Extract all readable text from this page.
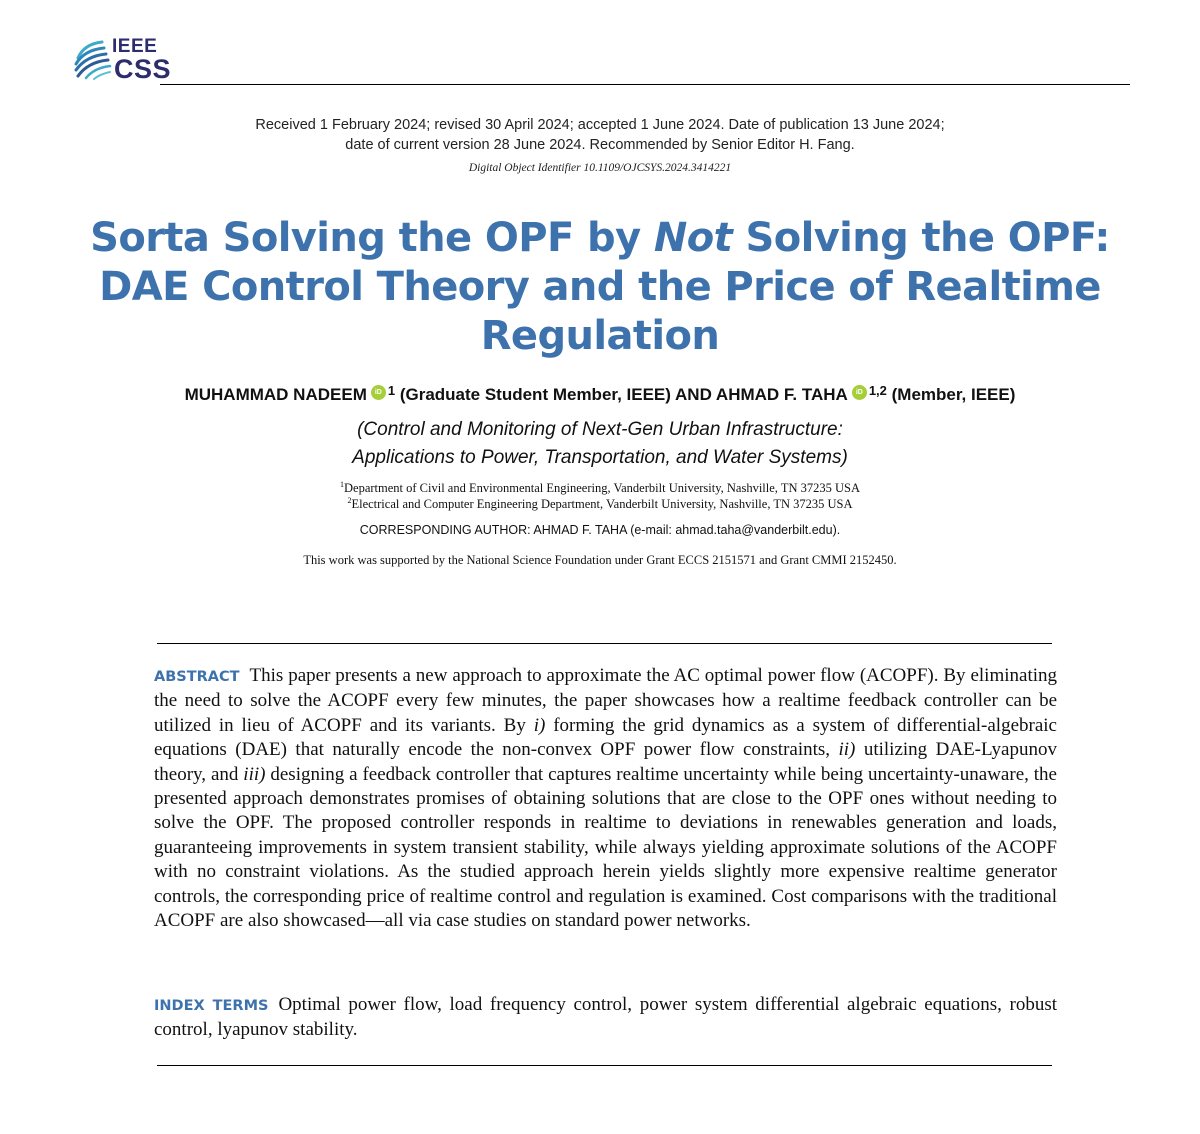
IEEE
CSS
Received 1 February 2024; revised 30 April 2024; accepted 1 June 2024. Date of publication 13 June 2024;
date of current version 28 June 2024. Recommended by Senior Editor H. Fang.
Digital Object Identifier 10.1109/OJCSYS.2024.3414221
Sorta Solving the OPF by Not Solving the OPF:
DAE Control Theory and the Price of Realtime
Regulation
MUHAMMAD NADEEM iD $^1$ (Graduate Student Member, IEEE) AND AHMAD F. TAHA iD $^{1,2}$ (Member, IEEE)
(Control and Monitoring of Next-Gen Urban Infrastructure:
Applications to Power, Transportation, and Water Systems)
$^1$Department of Civil and Environmental Engineering, Vanderbilt University, Nashville, TN 37235 USA
$^2$Electrical and Computer Engineering Department, Vanderbilt University, Nashville, TN 37235 USA
CORRESPONDING AUTHOR: AHMAD F. TAHA (e-mail: ahmad.taha@vanderbilt.edu).
This work was supported by the National Science Foundation under Grant ECCS 2151571 and Grant CMMI 2152450.
ABSTRACT This paper presents a new approach to approximate the AC optimal power flow (ACOPF). By eliminating the need to solve the ACOPF every few minutes, the paper showcases how a realtime feedback controller can be utilized in lieu of ACOPF and its variants. By i) forming the grid dynamics as a system of differential-algebraic equations (DAE) that naturally encode the non-convex OPF power flow constraints, ii) utilizing DAE-Lyapunov theory, and iii) designing a feedback controller that captures realtime uncertainty while being uncertainty-unaware, the presented approach demonstrates promises of obtaining solutions that are close to the OPF ones without needing to solve the OPF. The proposed controller responds in realtime to deviations in renewables generation and loads, guaranteeing improvements in system transient stability, while always yielding approximate solutions of the ACOPF with no constraint violations. As the studied approach herein yields slightly more expensive realtime generator controls, the corresponding price of realtime control and regulation is examined. Cost comparisons with the traditional ACOPF are also showcased—all via case studies on standard power networks.
INDEX TERMS Optimal power flow, load frequency control, power system differential algebraic equations, robust control, lyapunov stability.
